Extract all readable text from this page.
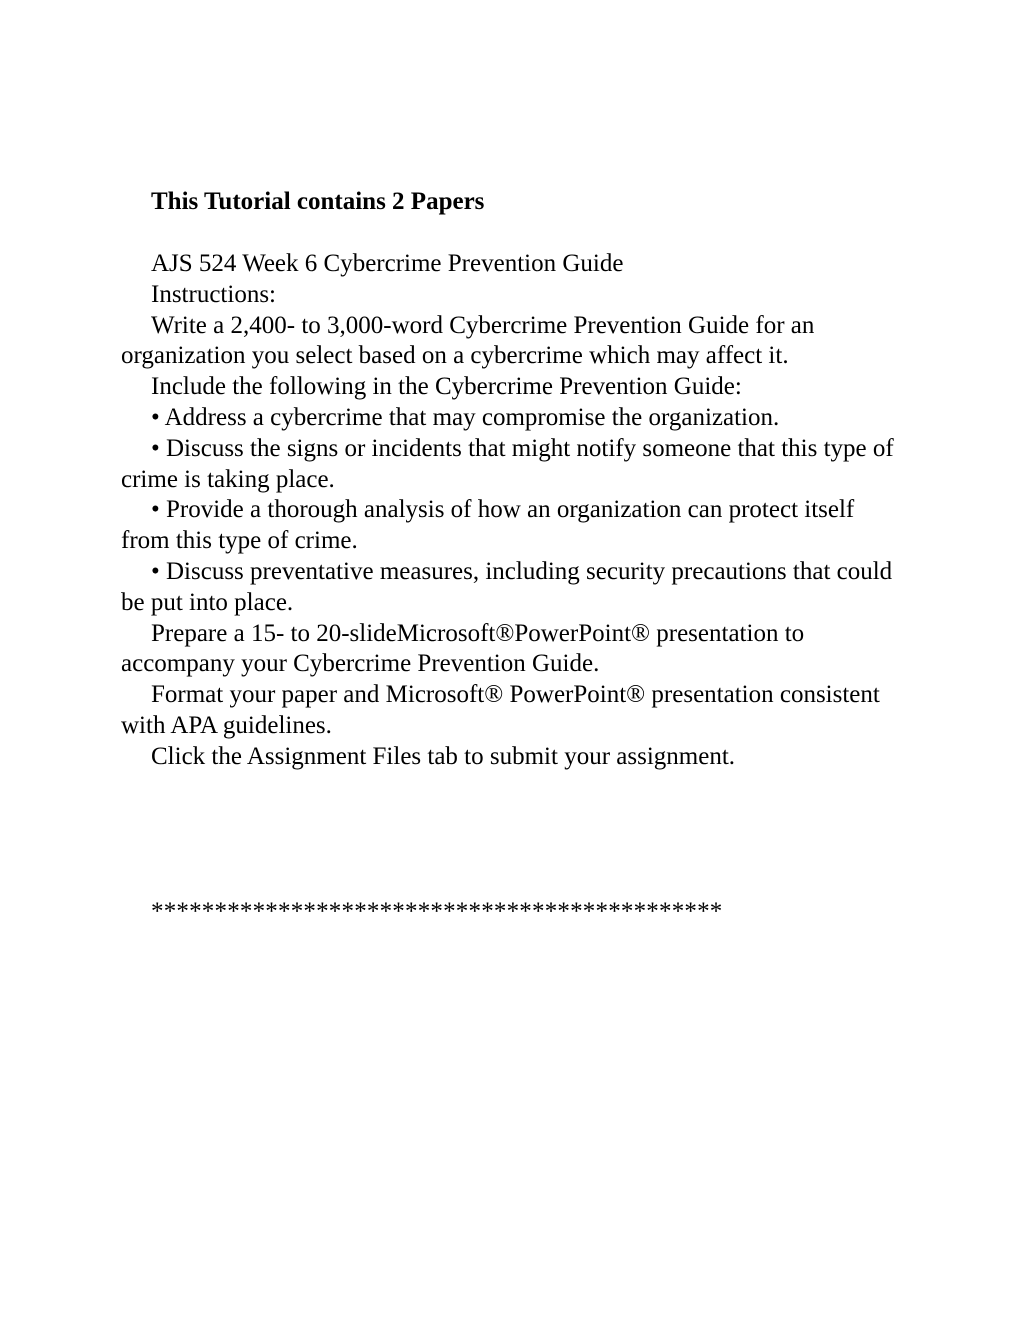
This Tutorial contains 2 Papers

AJS 524 Week 6 Cybercrime Prevention Guide

Instructions:

Write a 2,400- to 3,000-word Cybercrime Prevention Guide for an organization you select based on a cybercrime which may affect it.

Include the following in the Cybercrime Prevention Guide:

• Address a cybercrime that may compromise the organization.

• Discuss the signs or incidents that might notify someone that this type of crime is taking place.

• Provide a thorough analysis of how an organization can protect itself from this type of crime.

• Discuss preventative measures, including security precautions that could be put into place.

Prepare a 15- to 20-slideMicrosoft®PowerPoint® presentation to accompany your Cybercrime Prevention Guide.

Format your paper and Microsoft® PowerPoint® presentation consistent with APA guidelines.

Click the Assignment Files tab to submit your assignment.

*********************************************
